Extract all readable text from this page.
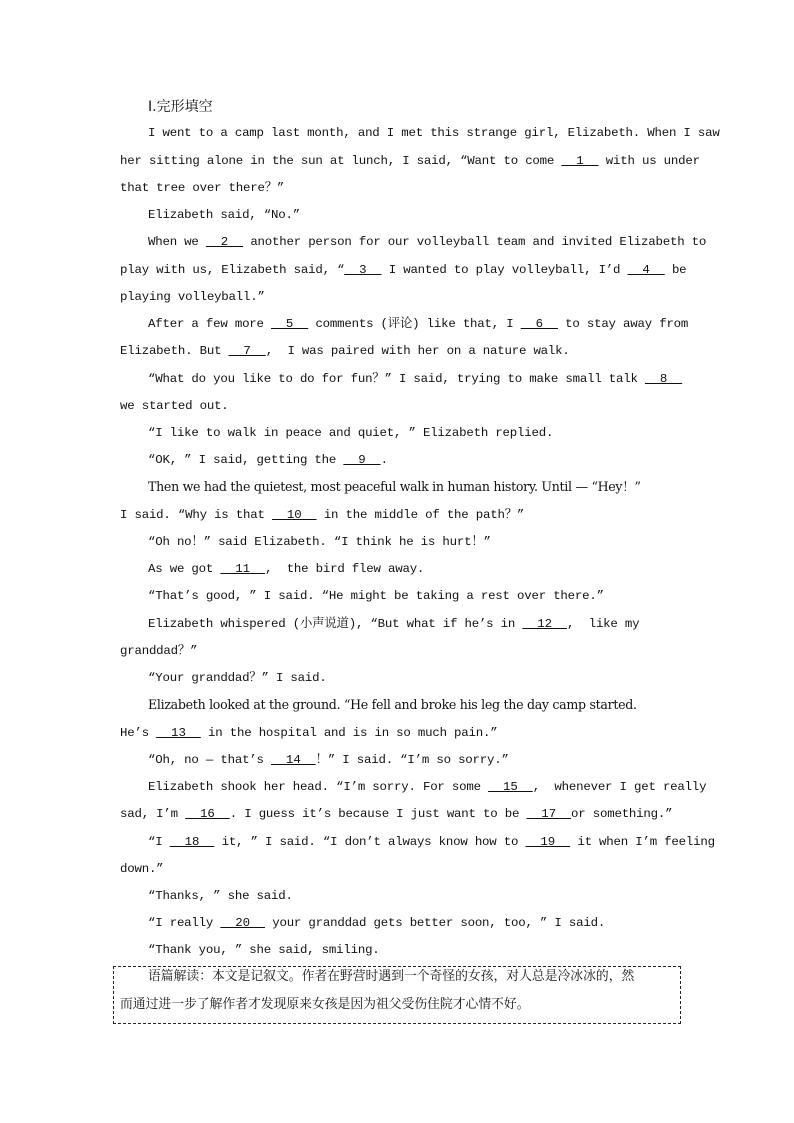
Ⅰ.完形填空
I went to a camp last month, and I met this strange girl, Elizabeth. When I saw
her sitting alone in the sun at lunch, I said, “Want to come   1   with us under
that tree over there？”
Elizabeth said, “No.”
When we   2   another person for our volleyball team and invited Elizabeth to
play with us, Elizabeth said, “  3   I wanted to play volleyball, I’d   4   be
playing volleyball.”
After a few more   5   comments (评论) like that, I   6   to stay away from
Elizabeth. But   7  ,  I was paired with her on a nature walk.
“What do you like to do for fun？” I said, trying to make small talk   8
we started out.
“I like to walk in peace and quiet, ” Elizabeth replied.
“OK, ” I said, getting the   9  .
Then we had the quietest, most peaceful walk in human history. Until — “Hey！”
I said. “Why is that   10   in the middle of the path？”
“Oh no！” said Elizabeth. “I think he is hurt！”
As we got   11  ,  the bird flew away.
“That’s good, ” I said. “He might be taking a rest over there.”
Elizabeth whispered (小声说道), “But what if he’s in   12  ,  like my
granddad？”
“Your granddad？” I said.
Elizabeth looked at the ground. “He fell and broke his leg the day camp started.
He’s   13   in the hospital and is in so much pain.”
“Oh, no — that’s   14  ！” I said. “I’m so sorry.”
Elizabeth shook her head. “I’m sorry. For some   15  ,  whenever I get really
sad, I’m   16  . I guess it’s because I just want to be   17  or something.”
“I   18   it, ” I said. “I don’t always know how to   19   it when I’m feeling
down.”
“Thanks, ” she said.
“I really   20   your granddad gets better soon, too, ” I said.
“Thank you, ” she said, smiling.
语篇解读：本文是记叙文。作者在野营时遇到一个奇怪的女孩，对人总是冷冰冰的，然
而通过进一步了解作者才发现原来女孩是因为祖父受伤住院才心情不好。
